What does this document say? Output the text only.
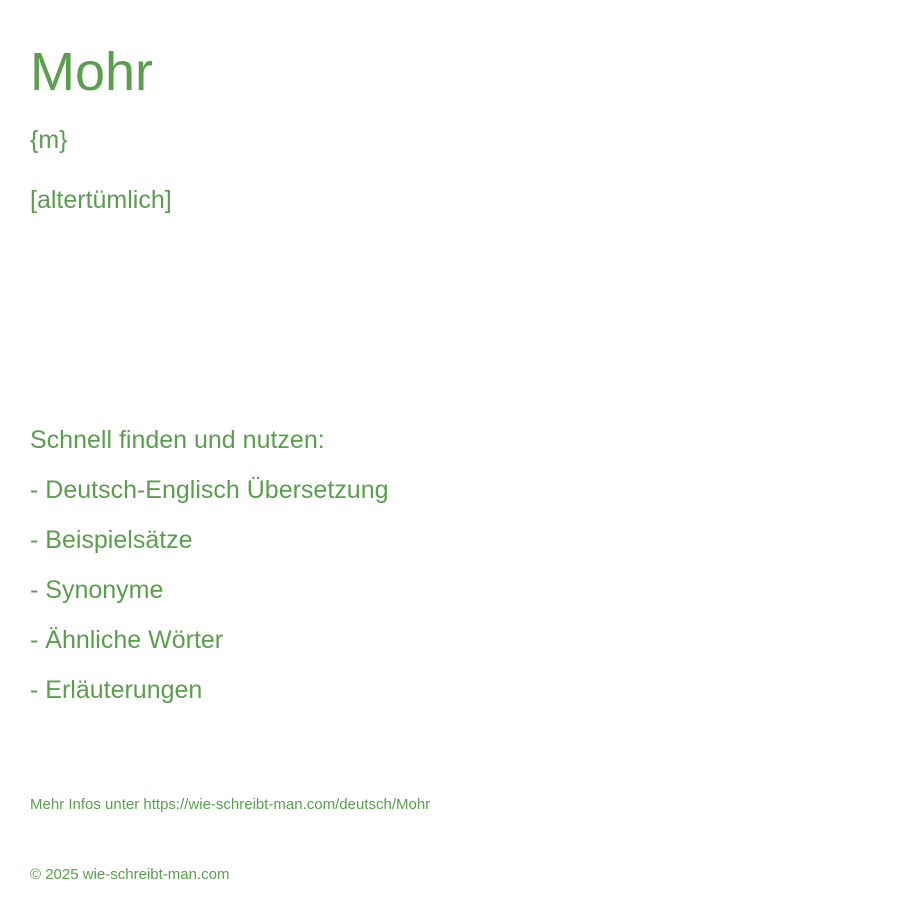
Mohr
{m}
[altertümlich]
Schnell finden und nutzen:
- Deutsch-Englisch Übersetzung
- Beispielsätze
- Synonyme
- Ähnliche Wörter
- Erläuterungen
Mehr Infos unter https://wie-schreibt-man.com/deutsch/Mohr
© 2025 wie-schreibt-man.com
